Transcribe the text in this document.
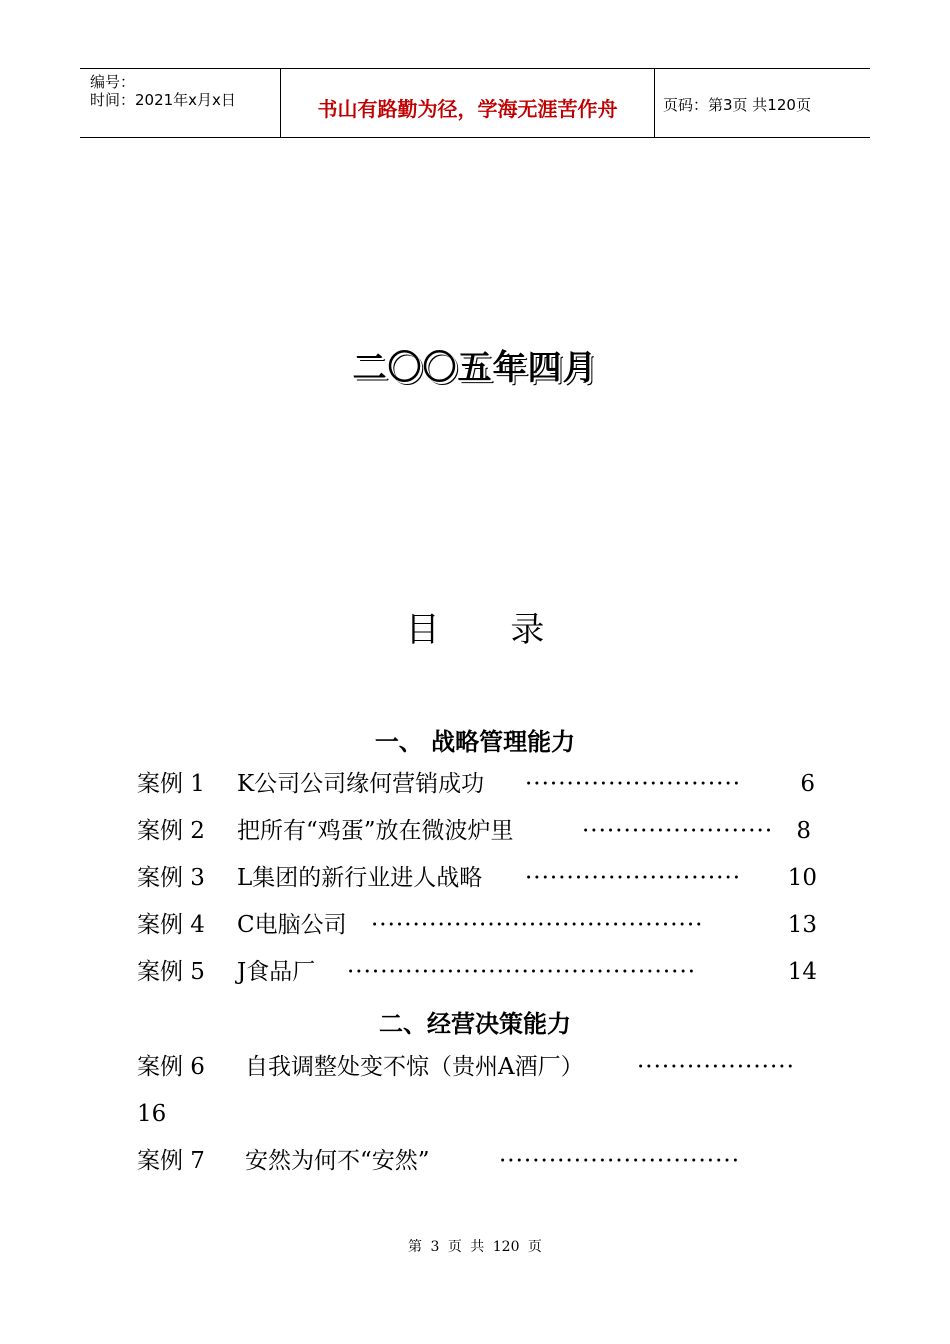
编号：
时间：2021年x月x日	书山有路勤为径，学海无涯苦作舟	页码：第3页 共120页
二〇〇五年四月
目 录
一、 战略管理能力
案例 1 K公司公司缘何营销成功 ··························	6
案例 2 把所有“鸡蛋”放在微波炉里	······················· 8
案例 3 L集团的新行业进人战略 ·························· 10
案例 4 C电脑公司 ········································	13
案例 5 J食品厂 ··········································	14
二、经营决策能力
案例 6 自我调整处变不惊（贵州A酒厂） ···················
16
案例 7 安然为何不“安然”	·····························
第 3 页 共 120 页
